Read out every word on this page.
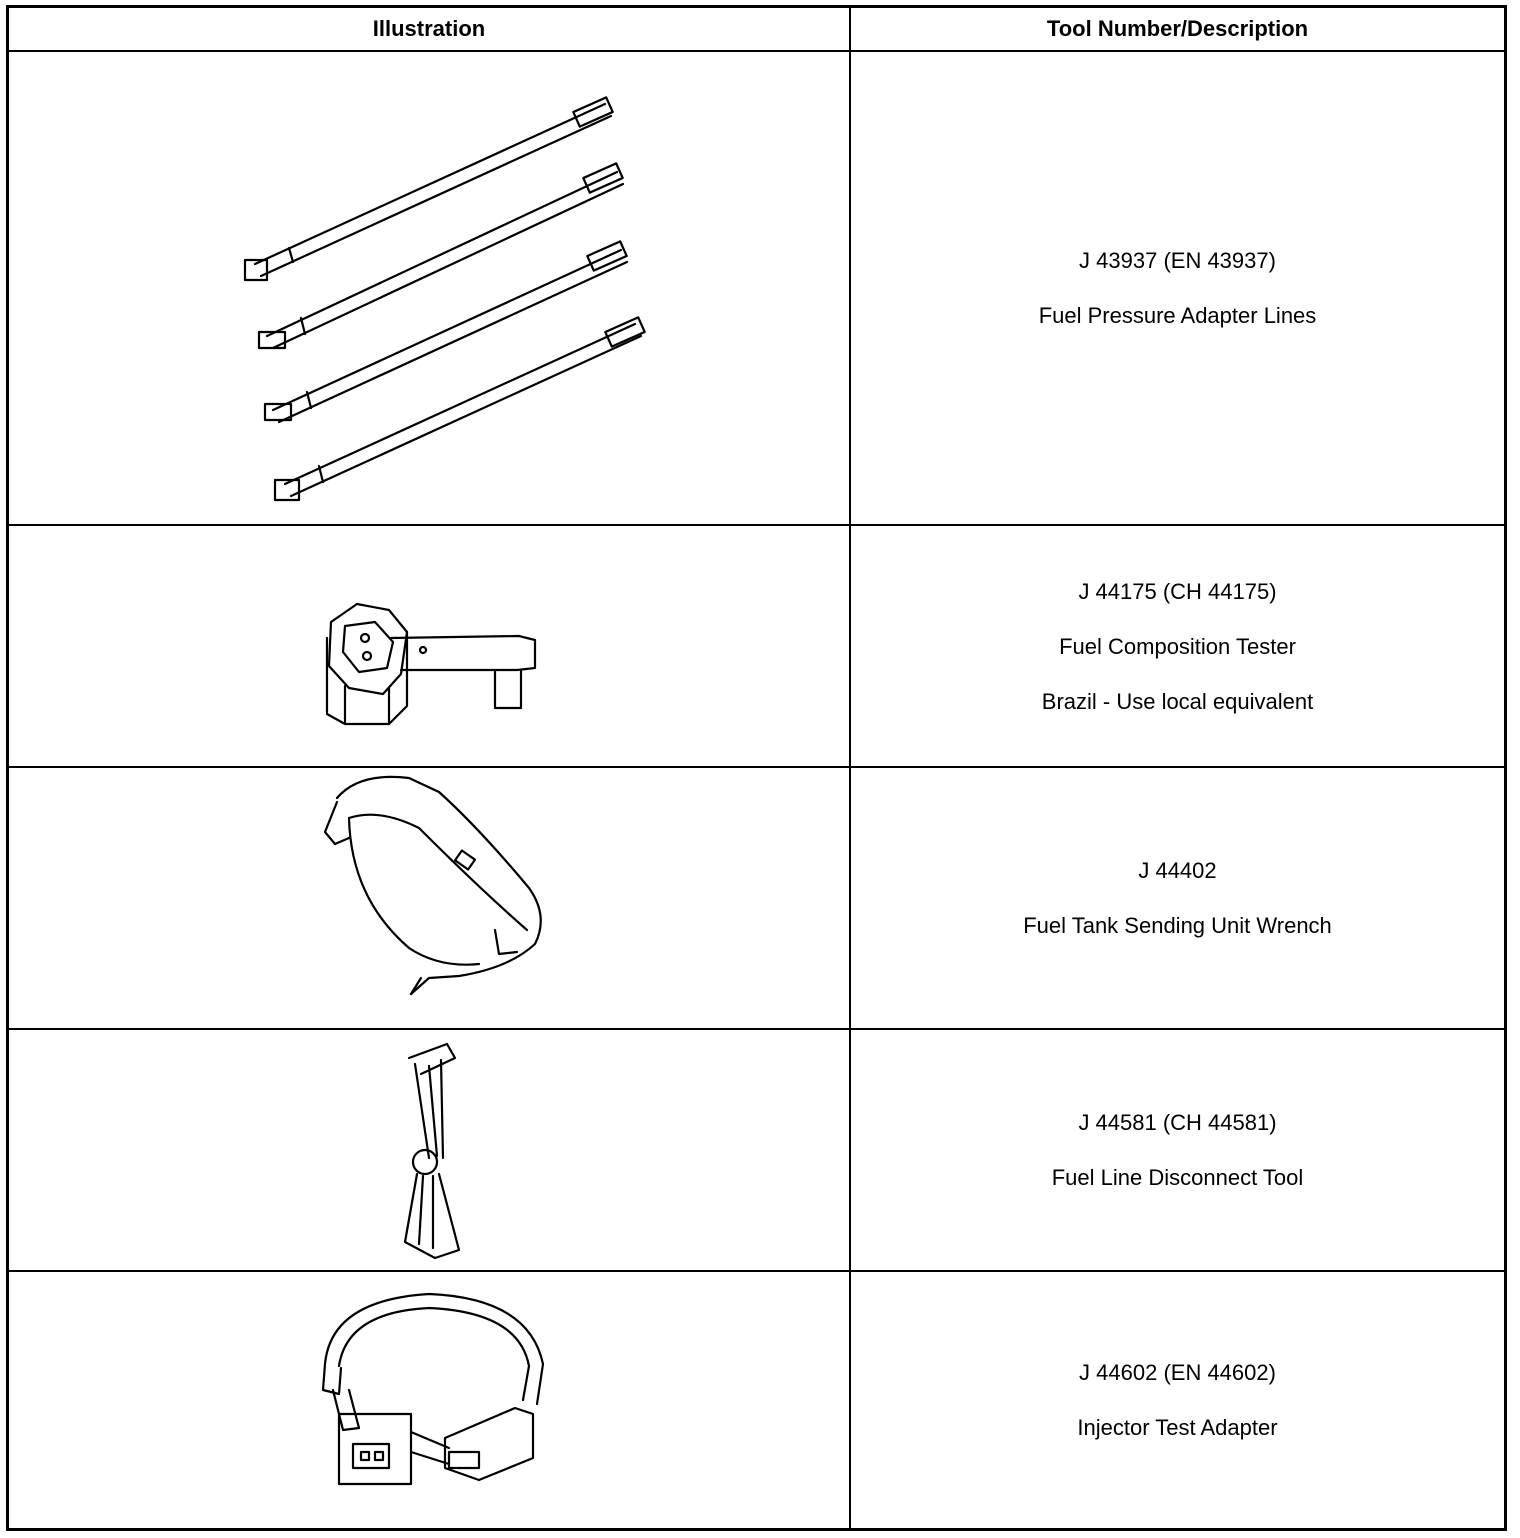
Illustration	Tool Number/Description
J 43937 (EN 43937)
Fuel Pressure Adapter Lines
J 44175 (CH 44175)
Fuel Composition Tester
Brazil - Use local equivalent
J 44402
Fuel Tank Sending Unit Wrench
J 44581 (CH 44581)
Fuel Line Disconnect Tool
J 44602 (EN 44602)
Injector Test Adapter
